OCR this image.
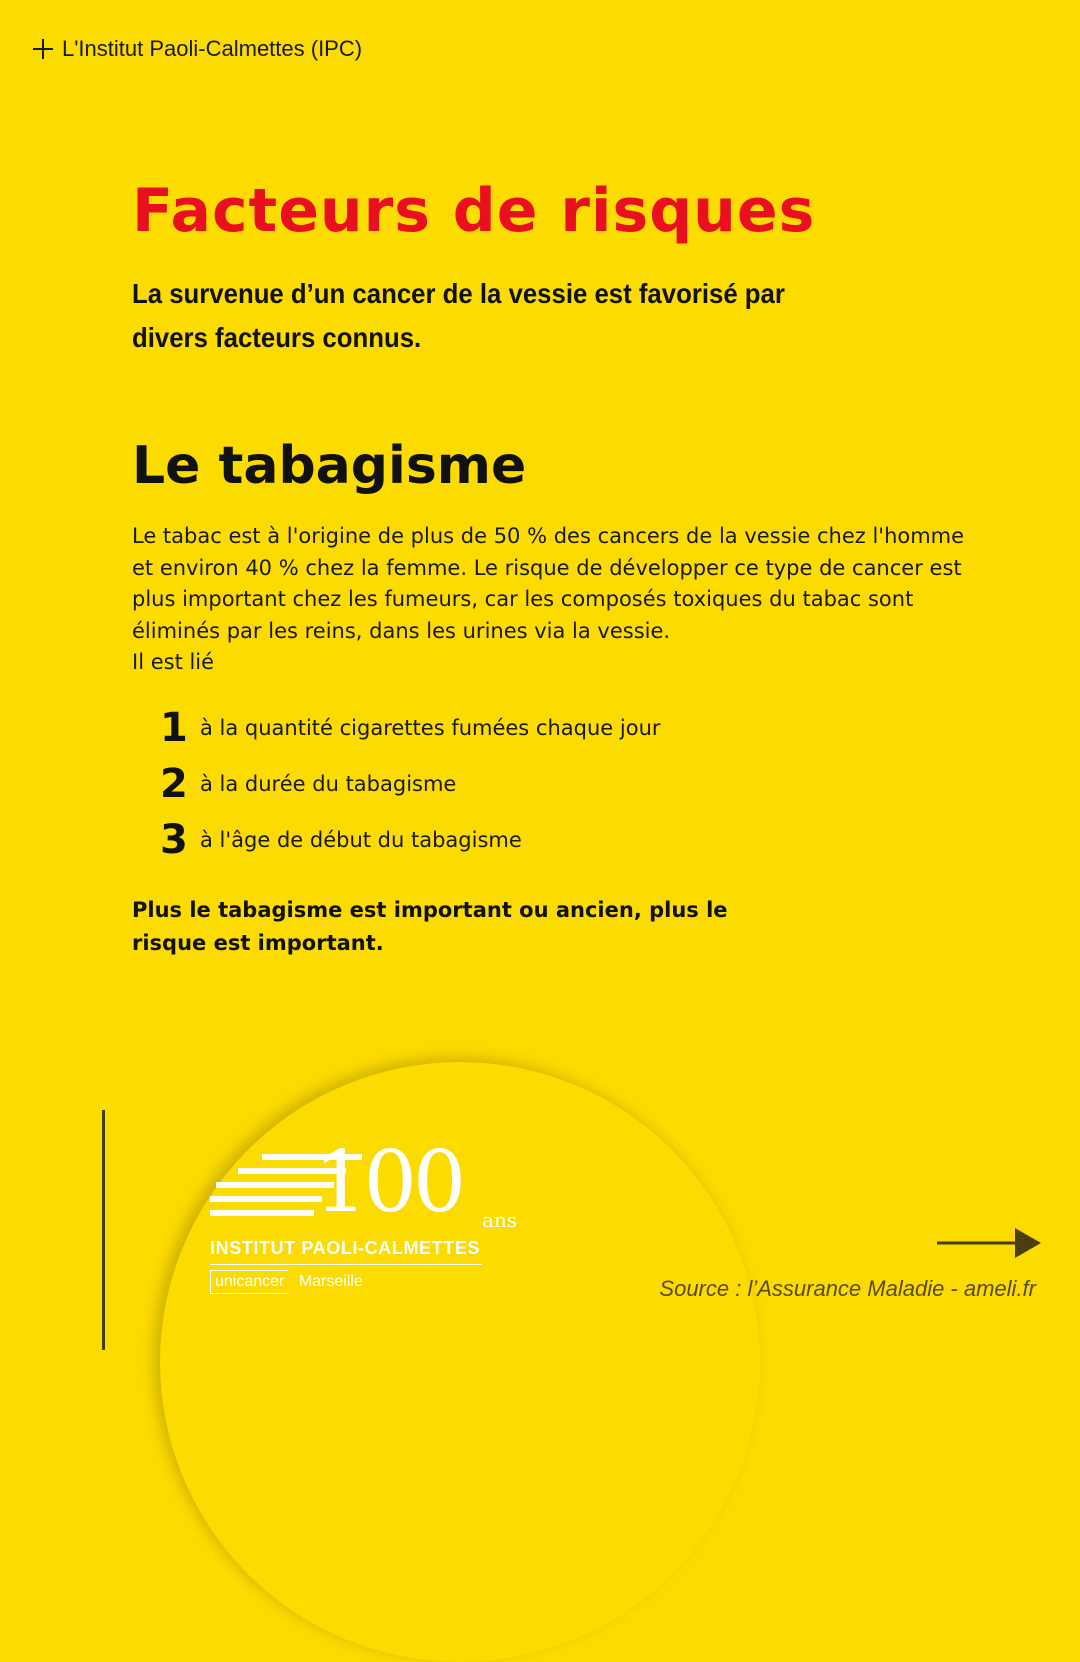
L'Institut Paoli-Calmettes (IPC)
Facteurs de risques

La survenue d’un cancer de la vessie est favorisé par divers facteurs connus.

Le tabagisme
Le tabac est à l'origine de plus de 50 % des cancers de la vessie chez l'homme et environ 40 % chez la femme. Le risque de développer ce type de cancer est plus important chez les fumeurs, car les composés toxiques du tabac sont éliminés par les reins, dans les urines via la vessie.
Il est lié
1 à la quantité cigarettes fumées chaque jour
2 à la durée du tabagisme
3 à l'âge de début du tabagisme

Plus le tabagisme est important ou ancien, plus le risque est important.

100 ans
INSTITUT PAOLI-CALMETTES
unicancer Marseille	Source : l’Assurance Maladie - ameli.fr
